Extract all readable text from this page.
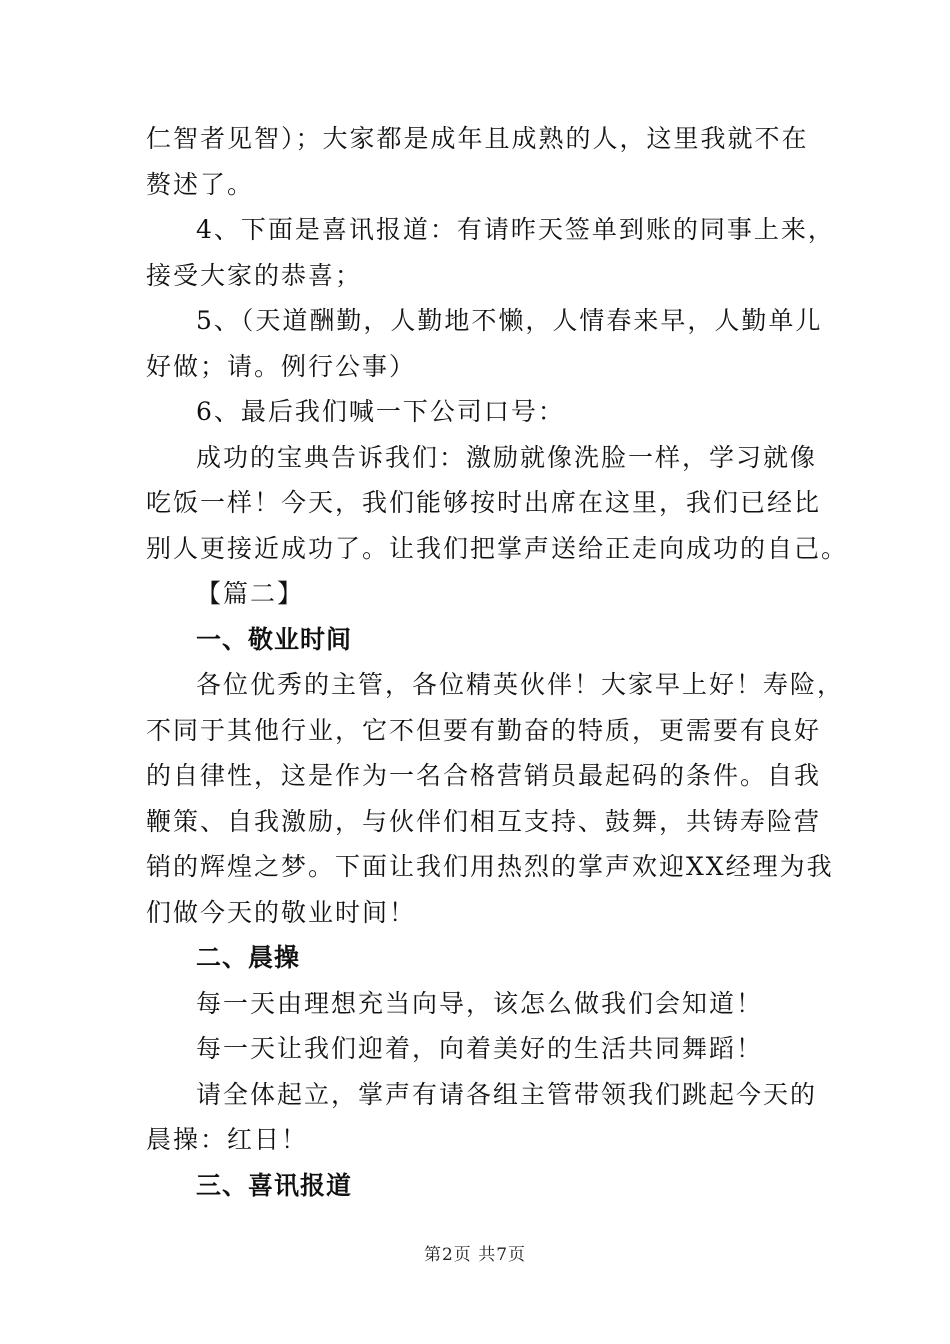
仁智者见智）；大家都是成年且成熟的人，这里我就不在
赘述了。
4、下面是喜讯报道：有请昨天签单到账的同事上来，
接受大家的恭喜；
5、（天道酬勤，人勤地不懒，人情春来早，人勤单儿
好做；请。例行公事）
6、最后我们喊一下公司口号：
成功的宝典告诉我们：激励就像洗脸一样，学习就像
吃饭一样！今天，我们能够按时出席在这里，我们已经比
别人更接近成功了。让我们把掌声送给正走向成功的自己。
【篇二】
一、敬业时间
各位优秀的主管，各位精英伙伴！大家早上好！寿险，
不同于其他行业，它不但要有勤奋的特质，更需要有良好
的自律性，这是作为一名合格营销员最起码的条件。自我
鞭策、自我激励，与伙伴们相互支持、鼓舞，共铸寿险营
销的辉煌之梦。下面让我们用热烈的掌声欢迎XX经理为我
们做今天的敬业时间！
二、晨操
每一天由理想充当向导，该怎么做我们会知道！
每一天让我们迎着，向着美好的生活共同舞蹈！
请全体起立，掌声有请各组主管带领我们跳起今天的
晨操：红日！
三、喜讯报道
第2页 共7页
